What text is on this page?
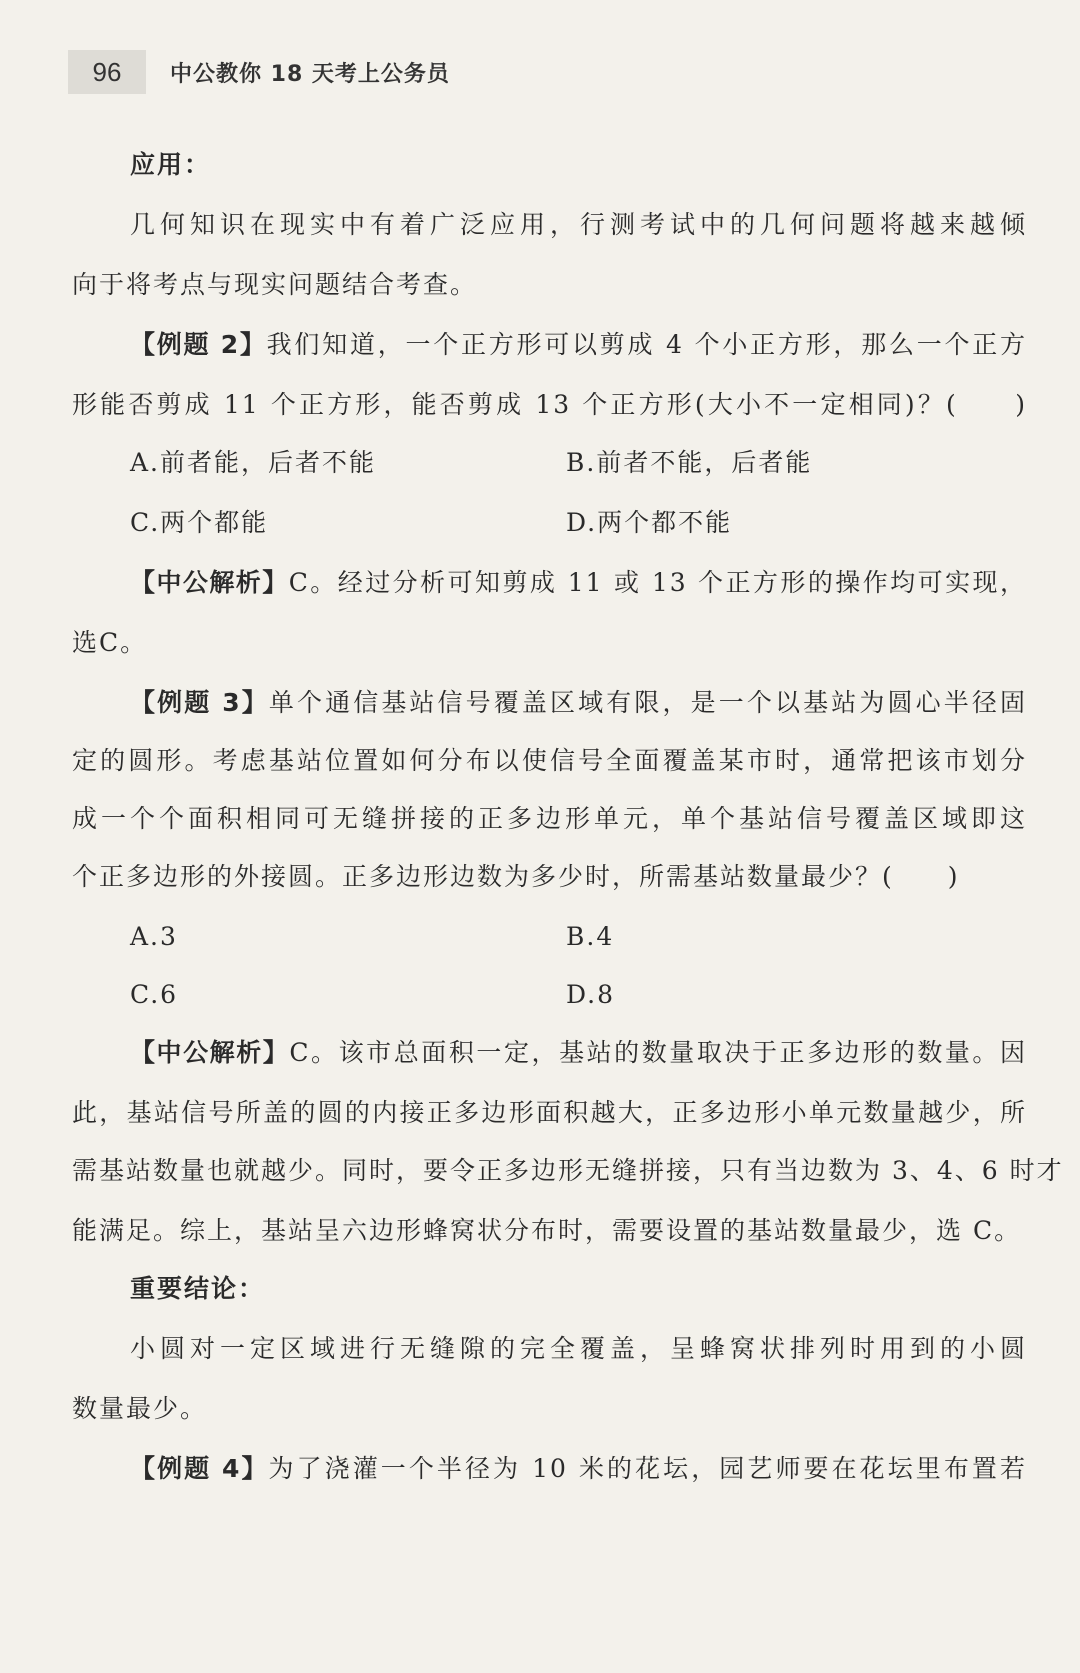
96	中公教你 18 天考上公务员
应用：
几何知识在现实中有着广泛应用，行测考试中的几何问题将越来越倾
向于将考点与现实问题结合考查。
【例题 2】我们知道，一个正方形可以剪成 4 个小正方形，那么一个正方
形能否剪成 11 个正方形，能否剪成 13 个正方形(大小不一定相同)？(　　)
A.前者能，后者不能	B.前者不能，后者能
C.两个都能	D.两个都不能
【中公解析】C。经过分析可知剪成 11 或 13 个正方形的操作均可实现，
选C。
【例题 3】单个通信基站信号覆盖区域有限，是一个以基站为圆心半径固
定的圆形。考虑基站位置如何分布以使信号全面覆盖某市时，通常把该市划分
成一个个面积相同可无缝拼接的正多边形单元，单个基站信号覆盖区域即这
个正多边形的外接圆。正多边形边数为多少时，所需基站数量最少？(　　)
A.3	B.4
C.6	D.8
【中公解析】C。该市总面积一定，基站的数量取决于正多边形的数量。因
此，基站信号所盖的圆的内接正多边形面积越大，正多边形小单元数量越少，所
需基站数量也就越少。同时，要令正多边形无缝拼接，只有当边数为 3、4、6 时才
能满足。综上，基站呈六边形蜂窝状分布时，需要设置的基站数量最少，选 C。
重要结论：
小圆对一定区域进行无缝隙的完全覆盖，呈蜂窝状排列时用到的小圆
数量最少。
【例题 4】为了浇灌一个半径为 10 米的花坛，园艺师要在花坛里布置若
